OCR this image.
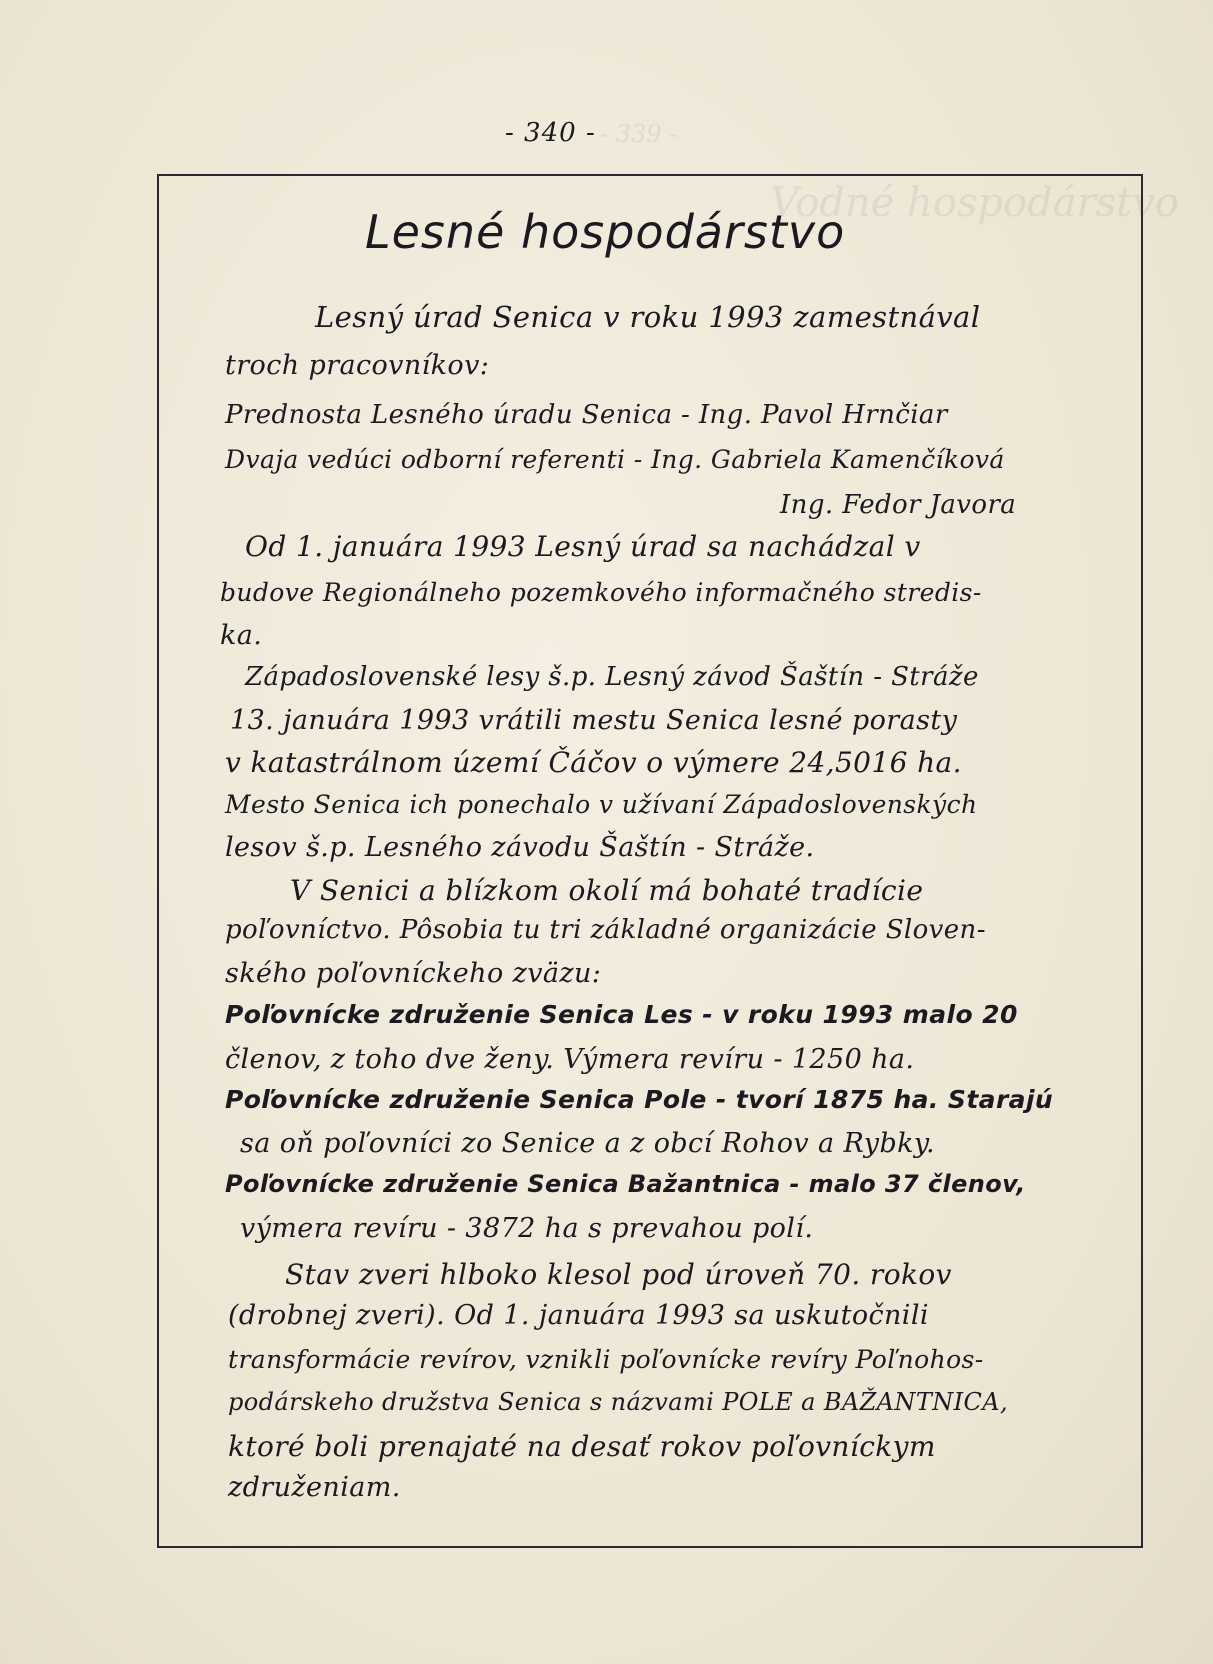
- 339 -
Vodné hospodárstvo
- 340 -
Lesné hospodárstvo
Lesný úrad Senica v roku 1993 zamestnával
troch pracovníkov:
Prednosta Lesného úradu Senica - Ing. Pavol Hrnčiar
Dvaja vedúci odborní referenti - Ing. Gabriela Kamenčíková
Ing. Fedor Javora
Od 1. januára 1993 Lesný úrad sa nachádzal v
budove Regionálneho pozemkového informačného stredis-
ka.
Západoslovenské lesy š.p. Lesný závod Šaštín - Stráže
13. januára 1993 vrátili mestu Senica lesné porasty
v katastrálnom území Čáčov o výmere 24,5016 ha.
Mesto Senica ich ponechalo v užívaní Západoslovenských
lesov š.p. Lesného závodu Šaštín - Stráže.
V Senici a blízkom okolí má bohaté tradície
poľovníctvo. Pôsobia tu tri základné organizácie Sloven-
ského poľovníckeho zväzu:
Poľovnícke združenie Senica Les - v roku 1993 malo 20
členov, z toho dve ženy. Výmera revíru - 1250 ha.
Poľovnícke združenie Senica Pole - tvorí 1875 ha. Starajú
sa oň poľovníci zo Senice a z obcí Rohov a Rybky.
Poľovnícke združenie Senica Bažantnica - malo 37 členov,
výmera revíru - 3872 ha s prevahou polí.
Stav zveri hlboko klesol pod úroveň 70. rokov
(drobnej zveri). Od 1. januára 1993 sa uskutočnili
transformácie revírov, vznikli poľovnícke revíry Poľnohos-
podárskeho družstva Senica s názvami POLE a BAŽANTNICA,
ktoré boli prenajaté na desať rokov poľovníckym
združeniam.
